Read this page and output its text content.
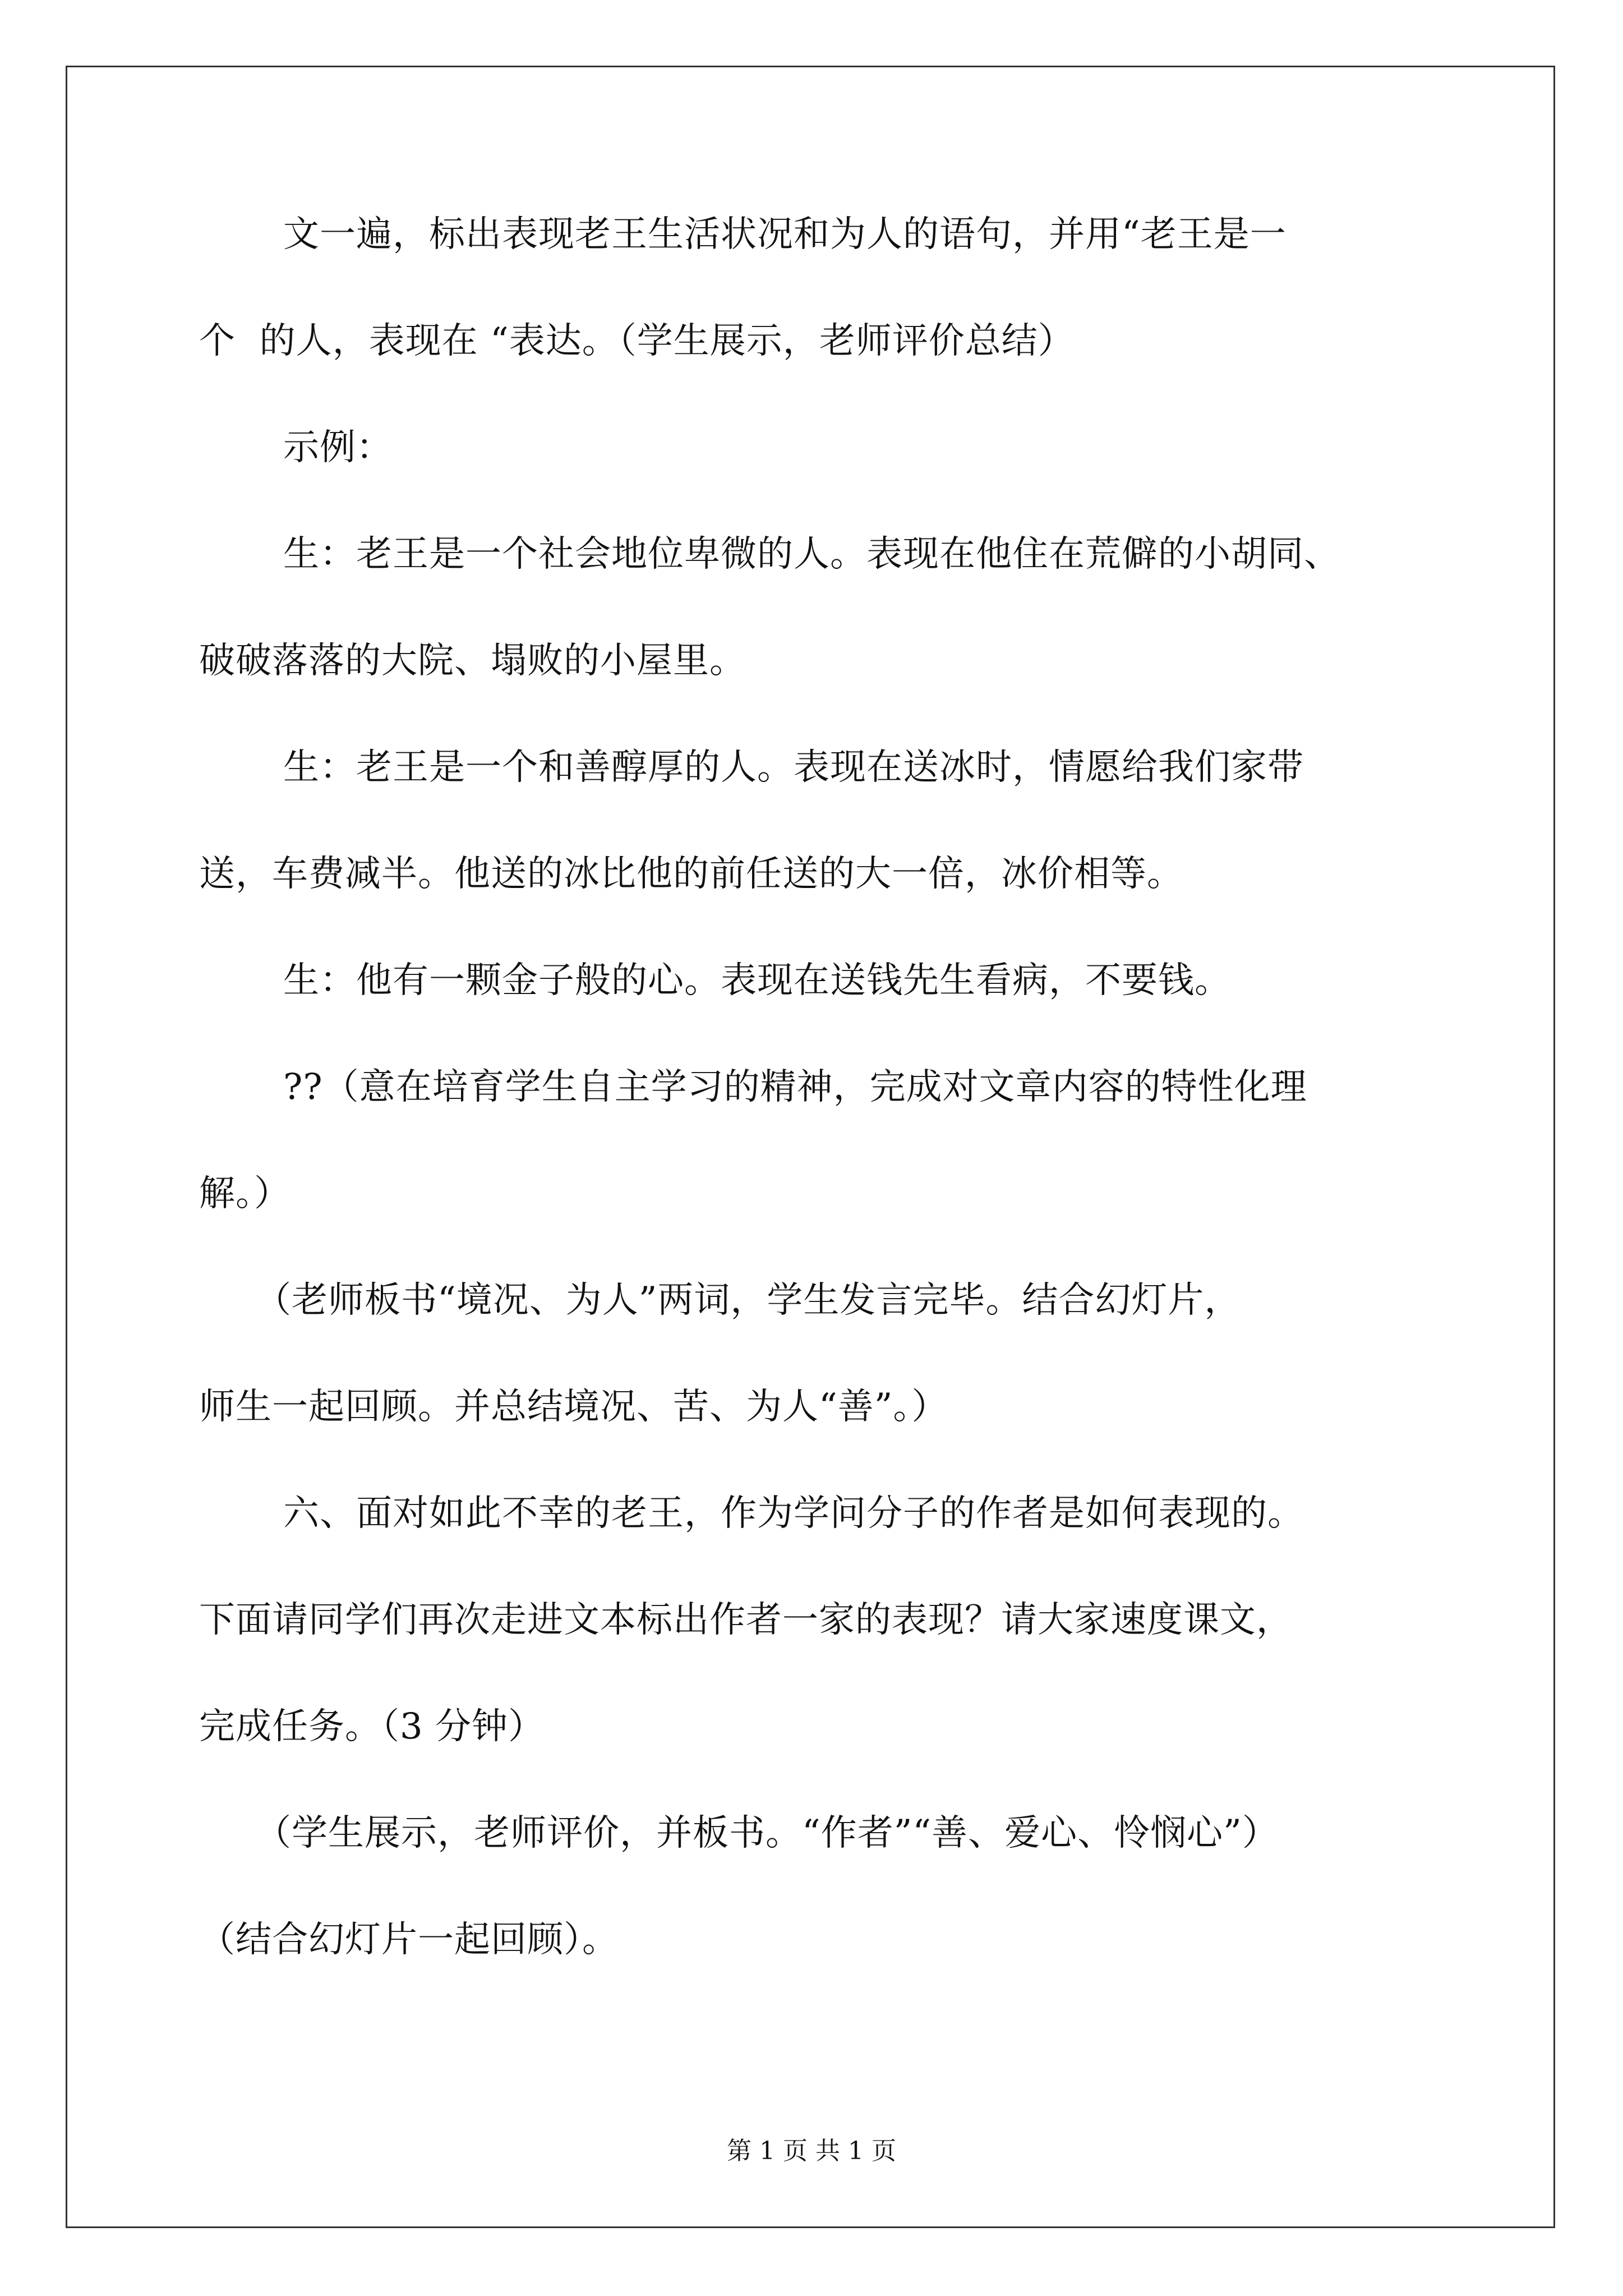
文一遍，标出表现老王生活状况和为人的语句，并用“老王是一
个  的人，表现在 “表达。（学生展示，老师评价总结）
示例：
生：老王是一个社会地位卑微的人。表现在他住在荒僻的小胡同、
破破落落的大院、塌败的小屋里。
生：老王是一个和善醇厚的人。表现在送冰时，情愿给我们家带
送，车费减半。他送的冰比他的前任送的大一倍，冰价相等。
生：他有一颗金子般的心。表现在送钱先生看病，不要钱。
??（意在培育学生自主学习的精神，完成对文章内容的特性化理
解。）
（老师板书“境况、为人”两词，学生发言完毕。结合幻灯片，
师生一起回顾。并总结境况、苦、为人“善”。）
六、面对如此不幸的老王，作为学问分子的作者是如何表现的。
下面请同学们再次走进文本标出作者一家的表现？请大家速度课文，
完成任务。（3 分钟）
（学生展示，老师评价，并板书。“作者”“善、爱心、怜悯心”）
（结合幻灯片一起回顾）。
第 1 页 共 1 页
